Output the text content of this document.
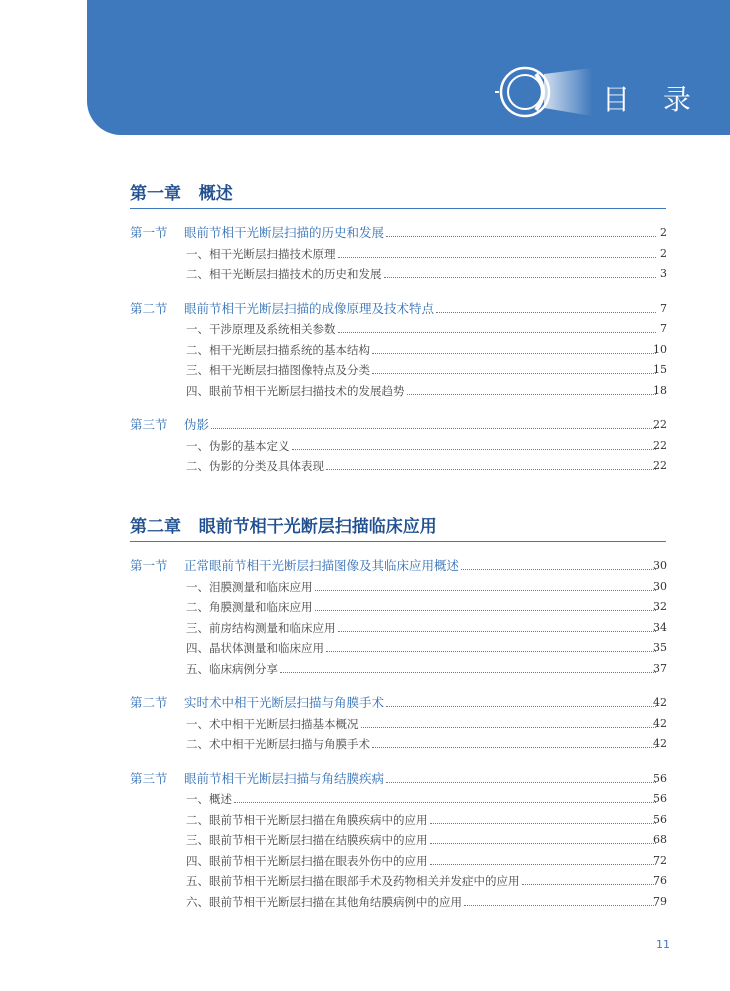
目 录
第一章   概述
第一节 眼前节相干光断层扫描的历史和发展	2
一、相干光断层扫描技术原理	2
二、相干光断层扫描技术的历史和发展	3
第二节 眼前节相干光断层扫描的成像原理及技术特点	7
一、干涉原理及系统相关参数	7
二、相干光断层扫描系统的基本结构	10
三、相干光断层扫描图像特点及分类	15
四、眼前节相干光断层扫描技术的发展趋势	18
第三节 伪影	22
一、伪影的基本定义	22
二、伪影的分类及具体表现	22
第二章   眼前节相干光断层扫描临床应用
第一节 正常眼前节相干光断层扫描图像及其临床应用概述	30
一、泪膜测量和临床应用	30
二、角膜测量和临床应用	32
三、前房结构测量和临床应用	34
四、晶状体测量和临床应用	35
五、临床病例分享	37
第二节 实时术中相干光断层扫描与角膜手术	42
一、术中相干光断层扫描基本概况	42
二、术中相干光断层扫描与角膜手术	42
第三节 眼前节相干光断层扫描与角结膜疾病	56
一、概述	56
二、眼前节相干光断层扫描在角膜疾病中的应用	56
三、眼前节相干光断层扫描在结膜疾病中的应用	68
四、眼前节相干光断层扫描在眼表外伤中的应用	72
五、眼前节相干光断层扫描在眼部手术及药物相关并发症中的应用	76
六、眼前节相干光断层扫描在其他角结膜病例中的应用	79
11
